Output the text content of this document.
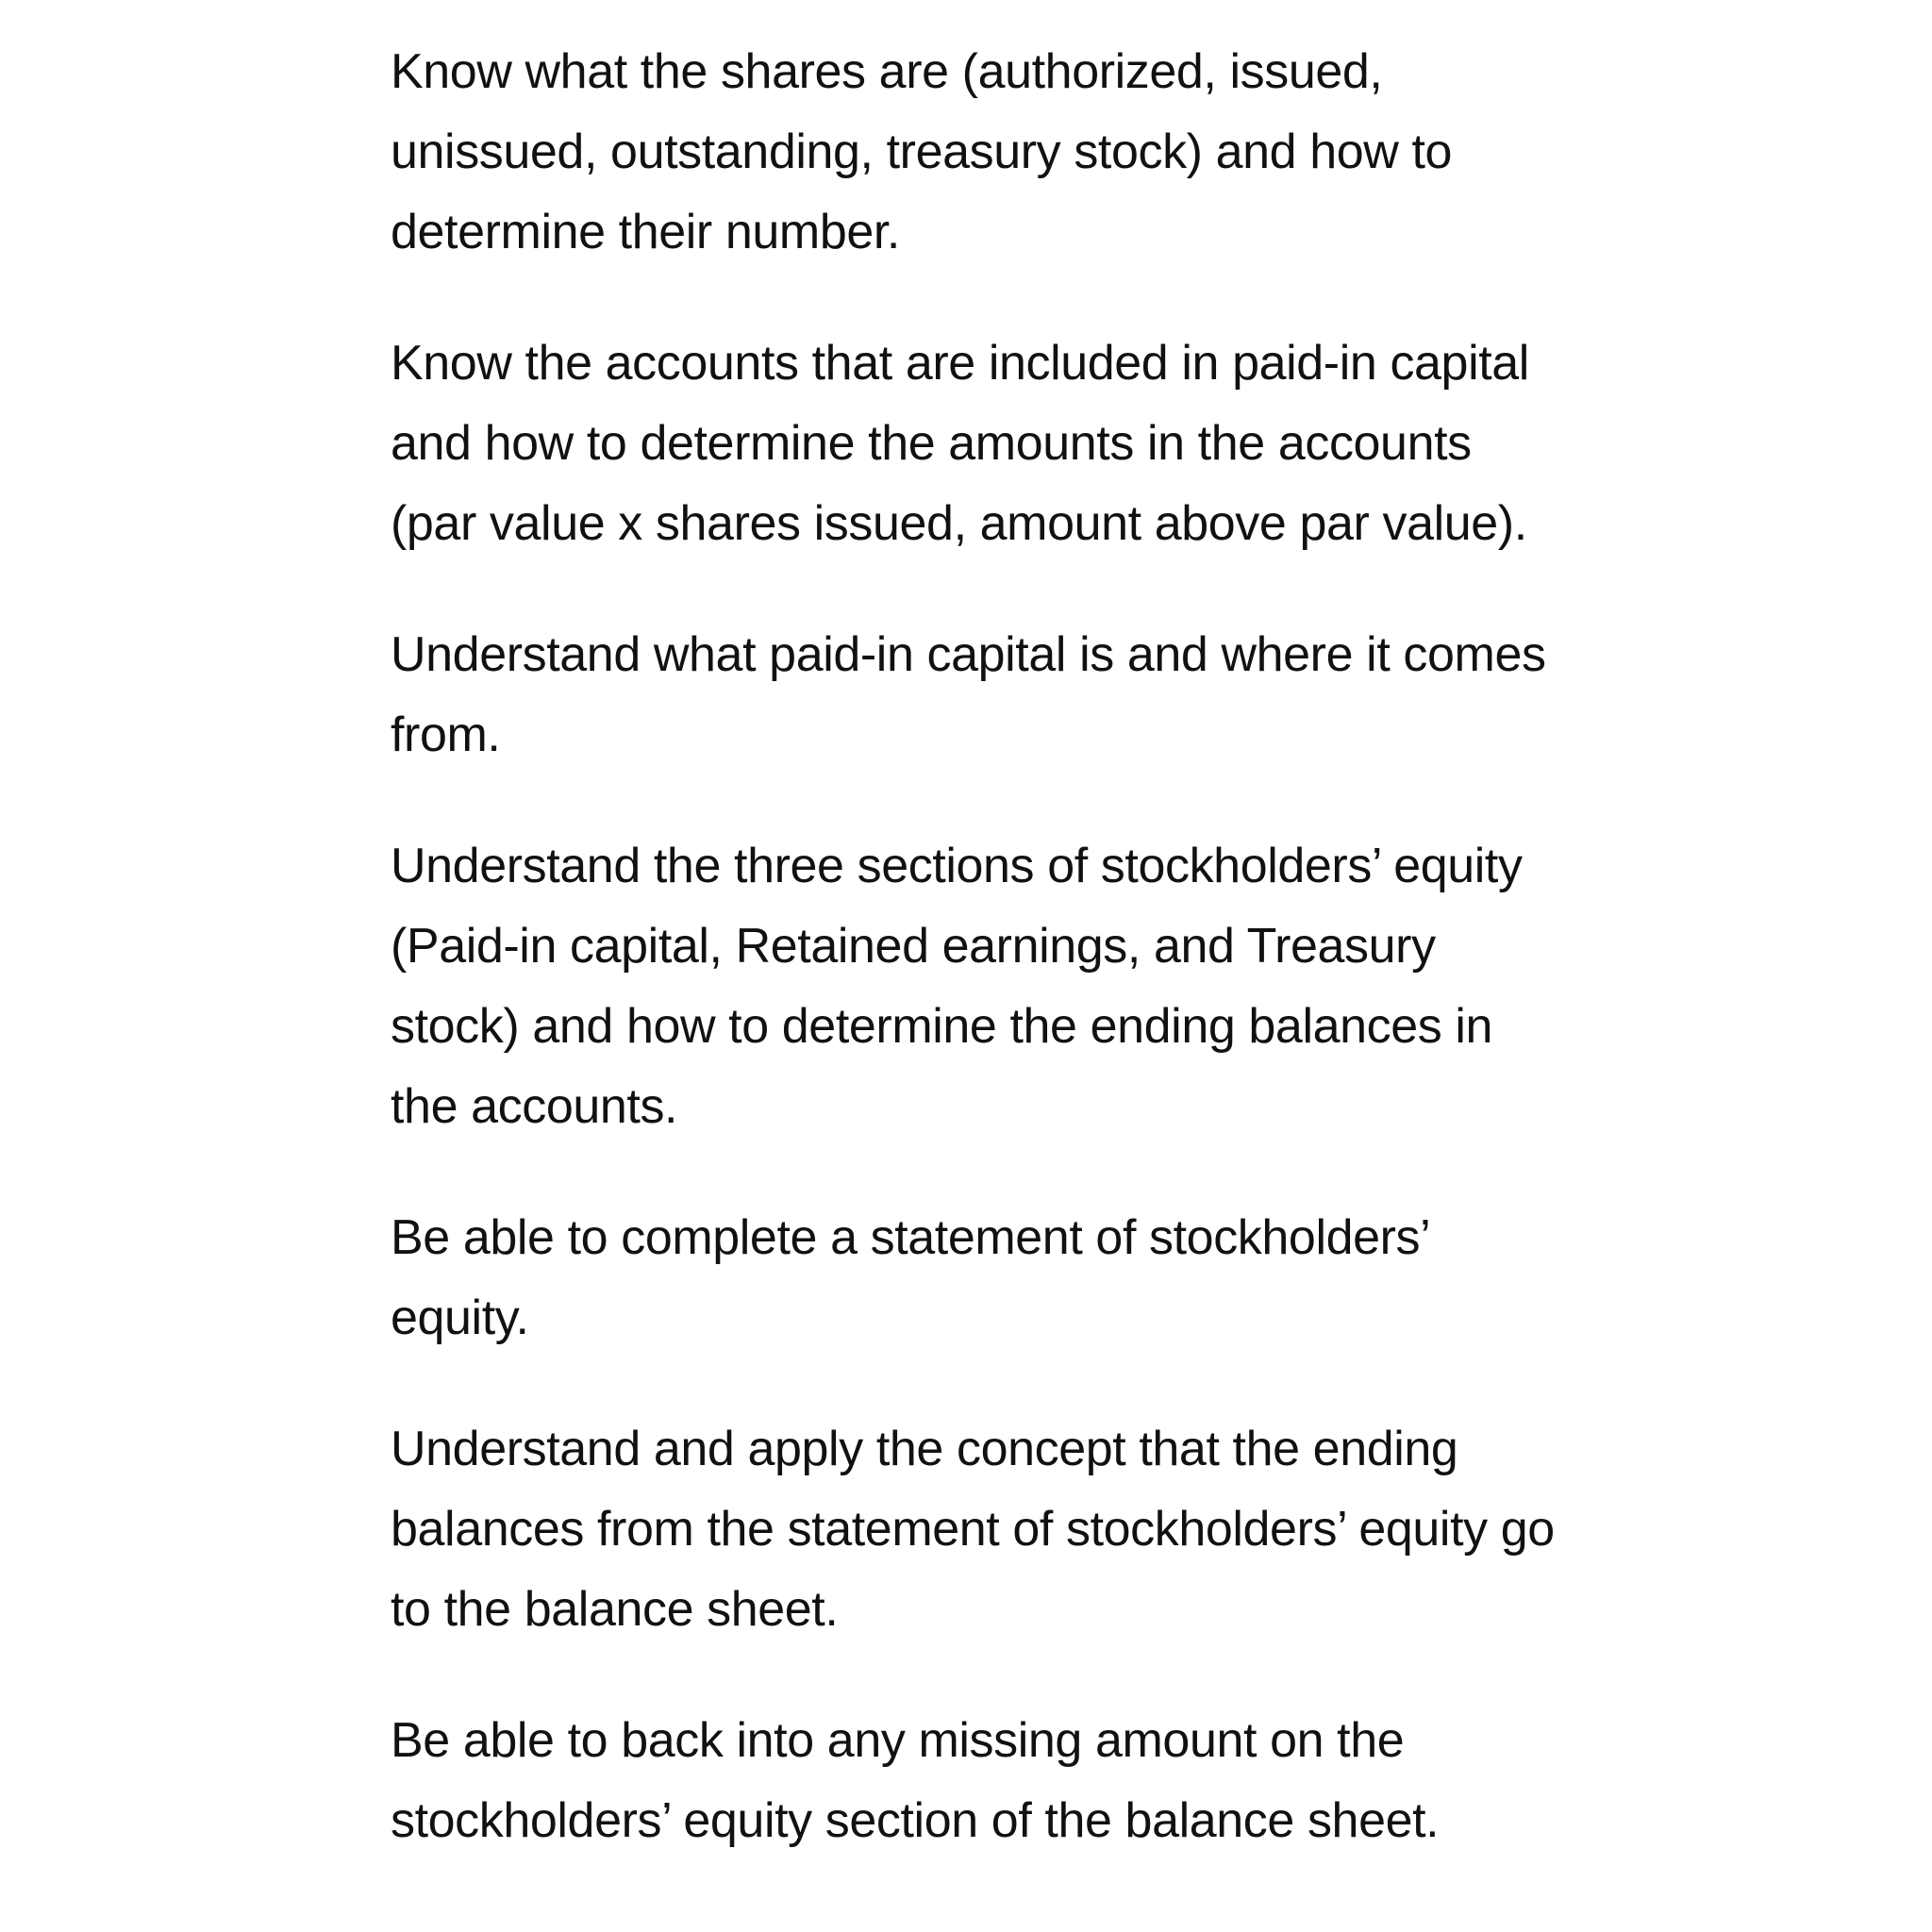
Know what the shares are (authorized, issued, unissued, outstanding, treasury stock) and how to determine their number.

Know the accounts that are included in paid-in capital and how to determine the amounts in the accounts (par value x shares issued, amount above par value).

Understand what paid-in capital is and where it comes from.

Understand the three sections of stockholders’ equity (Paid-in capital, Retained earnings, and Treasury stock) and how to determine the ending balances in the accounts.

Be able to complete a statement of stockholders’ equity.

Understand and apply the concept that the ending balances from the statement of stockholders’ equity go to the balance sheet.

Be able to back into any missing amount on the stockholders’ equity section of the balance sheet.
